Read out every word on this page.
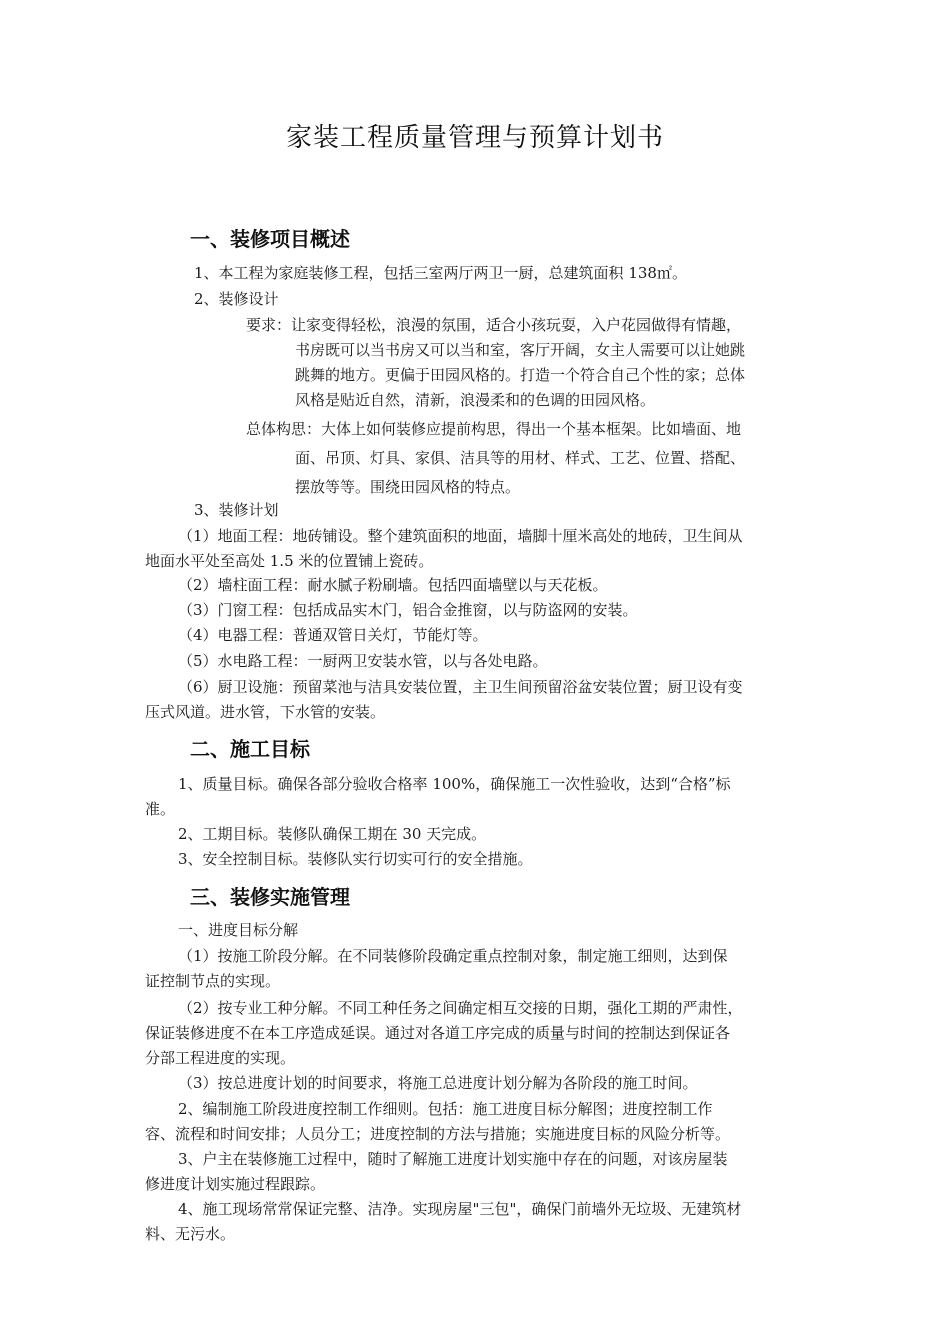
家装工程质量管理与预算计划书
一、装修项目概述
1、本工程为家庭装修工程，包括三室两厅两卫一厨，总建筑面积 138㎡。
2、装修设计
要求：让家变得轻松，浪漫的氛围，适合小孩玩耍，入户花园做得有情趣，
书房既可以当书房又可以当和室，客厅开阔，女主人需要可以让她跳
跳舞的地方。更偏于田园风格的。打造一个符合自己个性的家；总体
风格是贴近自然，清新，浪漫柔和的色调的田园风格。
总体构思：大体上如何装修应提前构思，得出一个基本框架。比如墙面、地
面、吊顶、灯具、家俱、洁具等的用材、样式、工艺、位置、搭配、
摆放等等。围绕田园风格的特点。
3、装修计划
（1）地面工程：地砖铺设。整个建筑面积的地面，墙脚十厘米高处的地砖，卫生间从
地面水平处至高处 1.5 米的位置铺上瓷砖。
（2）墙柱面工程：耐水腻子粉刷墙。包括四面墙壁以与天花板。
（3）门窗工程：包括成品实木门，铝合金推窗，以与防盗网的安装。
（4）电器工程：普通双管日关灯，节能灯等。
（5）水电路工程：一厨两卫安装水管，以与各处电路。
（6）厨卫设施：预留菜池与洁具安装位置，主卫生间预留浴盆安装位置；厨卫设有变
压式风道。进水管，下水管的安装。
二、施工目标
1、质量目标。确保各部分验收合格率 100%，确保施工一次性验收，达到“合格”标
准。
2、工期目标。装修队确保工期在 30 天完成。
3、安全控制目标。装修队实行切实可行的安全措施。
三、装修实施管理
一、进度目标分解
（1）按施工阶段分解。在不同装修阶段确定重点控制对象，制定施工细则，达到保
证控制节点的实现。
（2）按专业工种分解。不同工种任务之间确定相互交接的日期，强化工期的严肃性，
保证装修进度不在本工序造成延误。通过对各道工序完成的质量与时间的控制达到保证各
分部工程进度的实现。
（3）按总进度计划的时间要求，将施工总进度计划分解为各阶段的施工时间。
2、编制施工阶段进度控制工作细则。包括：施工进度目标分解图；进度控制工作
容、流程和时间安排；人员分工；进度控制的方法与措施；实施进度目标的风险分析等。
3、户主在装修施工过程中，随时了解施工进度计划实施中存在的问题，对该房屋装
修进度计划实施过程跟踪。
4、施工现场常常保证完整、洁净。实现房屋"三包"，确保门前墙外无垃圾、无建筑材
料、无污水。
